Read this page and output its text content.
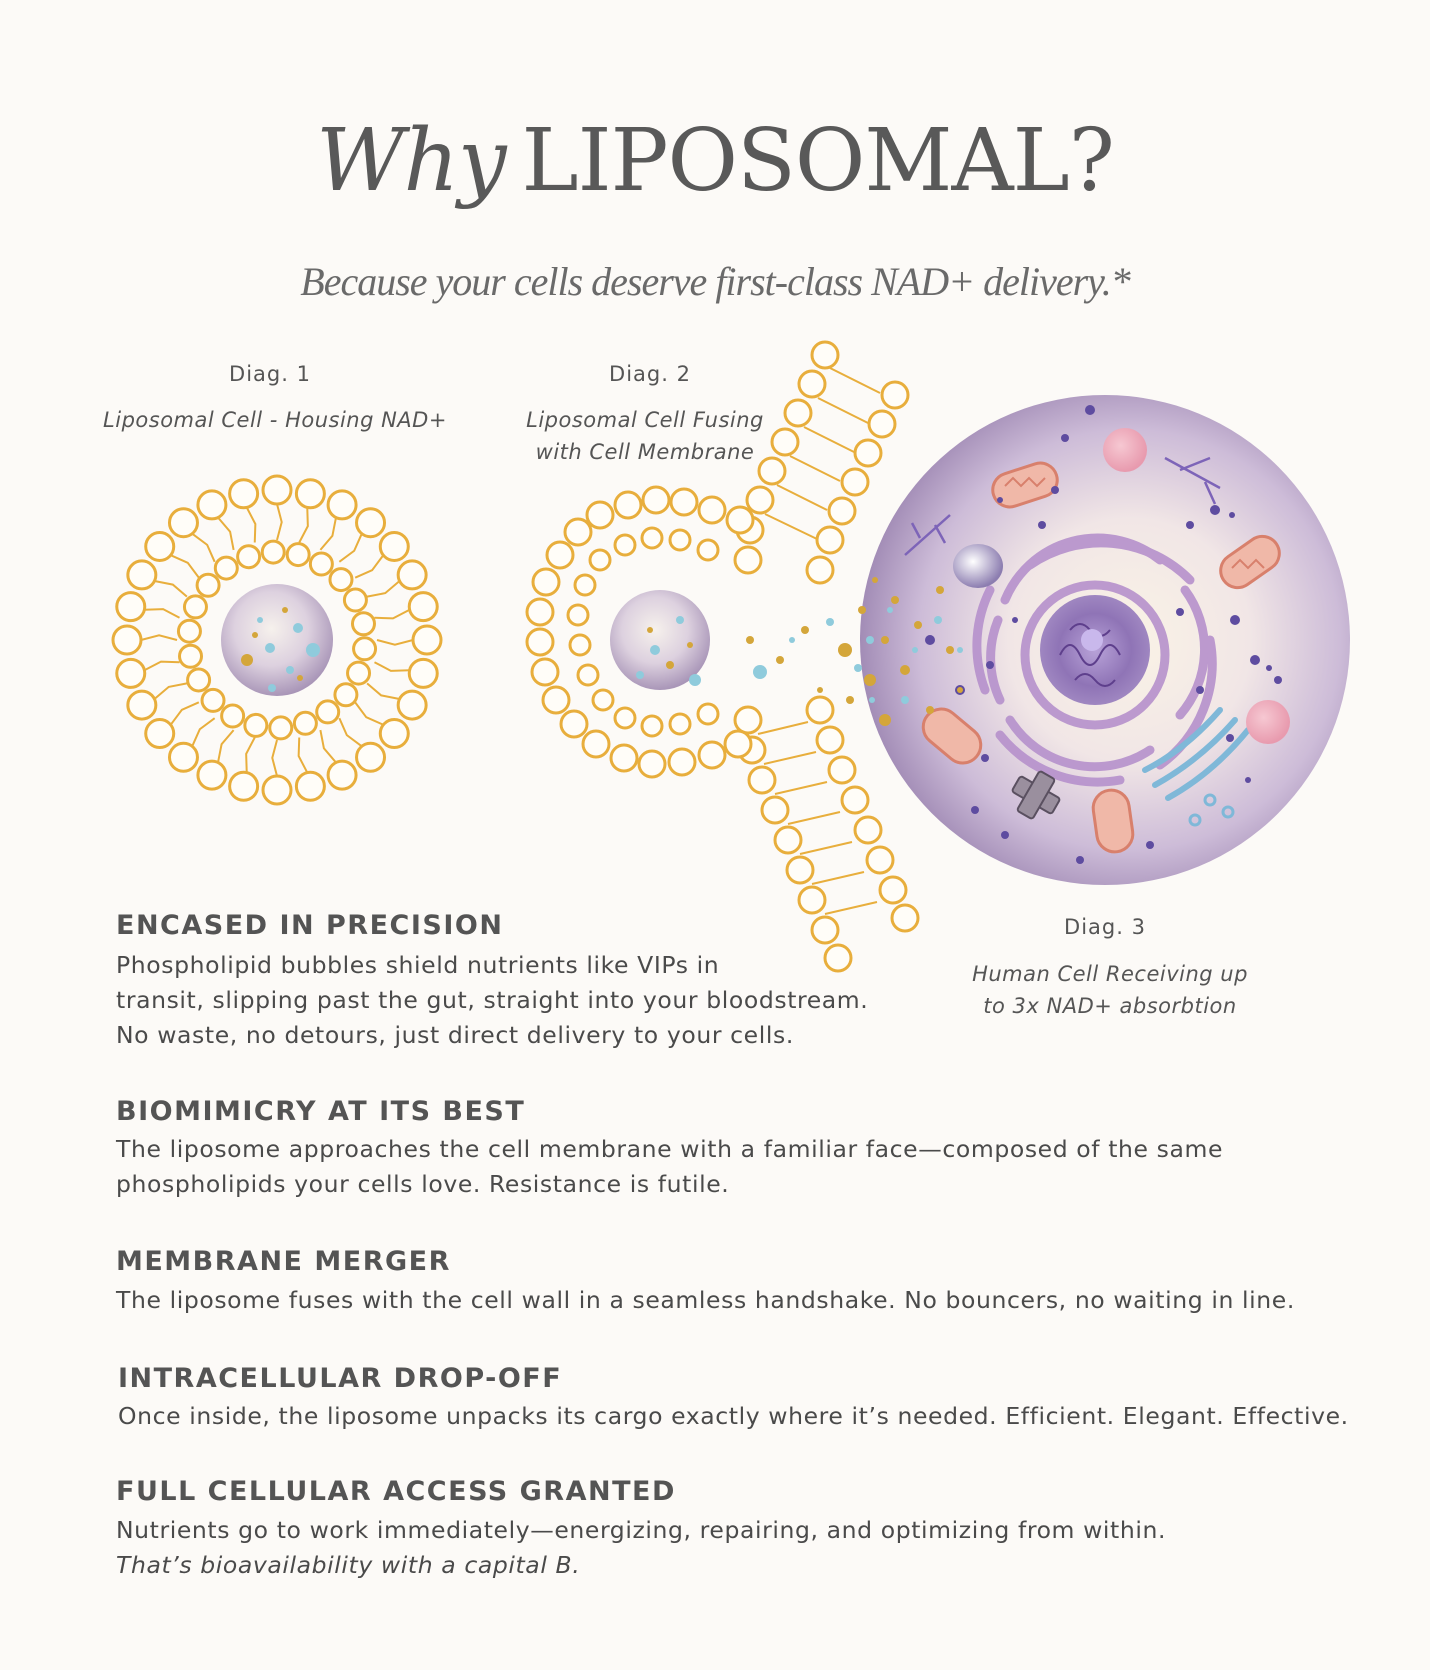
Why LIPOSOMAL?
Because your cells deserve first-class NAD+ delivery.*
Diag. 1
Liposomal Cell - Housing NAD+
Diag. 2
Liposomal Cell Fusing
with Cell Membrane
Diag. 3
Human Cell Receiving up
to 3x NAD+ absorbtion
ENCASED IN PRECISION
Phospholipid bubbles shield nutrients like VIPs in
transit, slipping past the gut, straight into your bloodstream.
No waste, no detours, just direct delivery to your cells.
BIOMIMICRY AT ITS BEST
The liposome approaches the cell membrane with a familiar face—composed of the same
phospholipids your cells love. Resistance is futile.
MEMBRANE MERGER
The liposome fuses with the cell wall in a seamless handshake. No bouncers, no waiting in line.
INTRACELLULAR DROP-OFF
Once inside, the liposome unpacks its cargo exactly where it’s needed. Efficient. Elegant. Effective.
FULL CELLULAR ACCESS GRANTED
Nutrients go to work immediately—energizing, repairing, and optimizing from within.
That’s bioavailability with a capital B.
